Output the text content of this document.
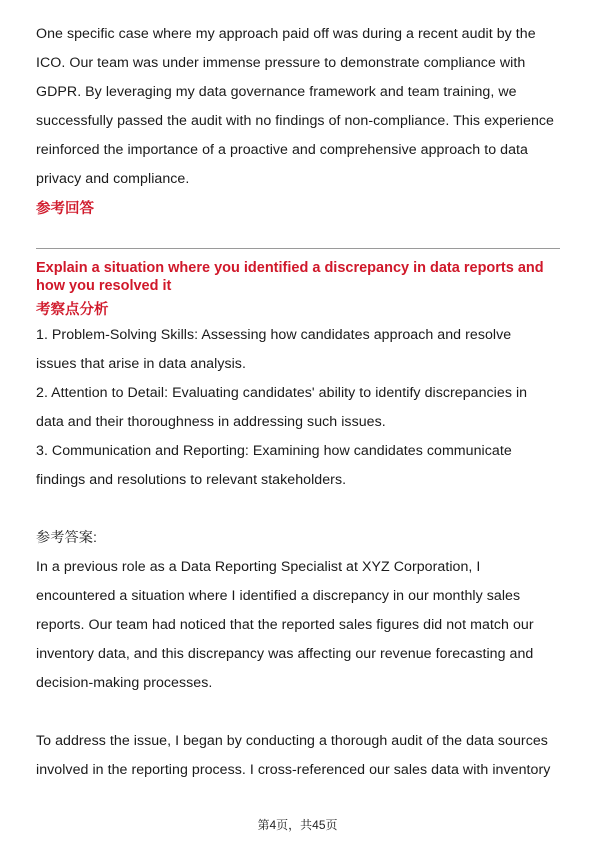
One specific case where my approach paid off was during a recent audit by the

ICO. Our team was under immense pressure to demonstrate compliance with

GDPR. By leveraging my data governance framework and team training, we

successfully passed the audit with no findings of non-compliance. This experience

reinforced the importance of a proactive and comprehensive approach to data

privacy and compliance.

参考回答

Explain a situation where you identified a discrepancy in data reports and

how you resolved it

考察点分析

1. Problem-Solving Skills: Assessing how candidates approach and resolve

issues that arise in data analysis.

2. Attention to Detail: Evaluating candidates' ability to identify discrepancies in

data and their thoroughness in addressing such issues.

3. Communication and Reporting: Examining how candidates communicate

findings and resolutions to relevant stakeholders.

参考答案:

In a previous role as a Data Reporting Specialist at XYZ Corporation, I

encountered a situation where I identified a discrepancy in our monthly sales

reports. Our team had noticed that the reported sales figures did not match our

inventory data, and this discrepancy was affecting our revenue forecasting and

decision-making processes.

To address the issue, I began by conducting a thorough audit of the data sources

involved in the reporting process. I cross-referenced our sales data with inventory

第4页，共45页
